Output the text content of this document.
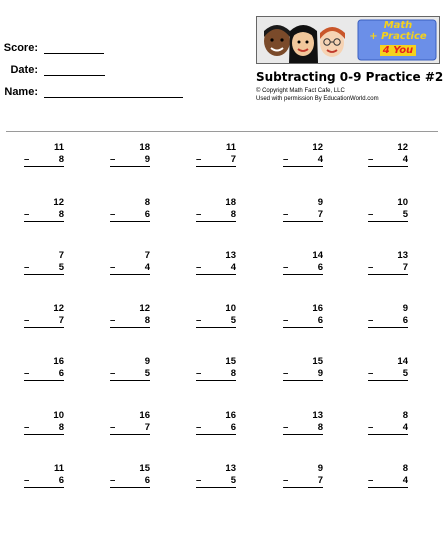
Score:
Date:
Name:
Math
+ Practice
4 You
Subtracting 0-9 Practice #2
© Copyright Math Fact Cafe, LLC
Used with permission By EducationWorld.com
11
–	8
18
–	9
11
–	7
12
–	4
12
–	4
12
–	8
8
–	6
18
–	8
9
–	7
10
–	5
7
–	5
7
–	4
13
–	4
14
–	6
13
–	7
12
–	7
12
–	8
10
–	5
16
–	6
9
–	6
16
–	6
9
–	5
15
–	8
15
–	9
14
–	5
10
–	8
16
–	7
16
–	6
13
–	8
8
–	4
11
–	6
15
–	6
13
–	5
9
–	7
8
–	4
